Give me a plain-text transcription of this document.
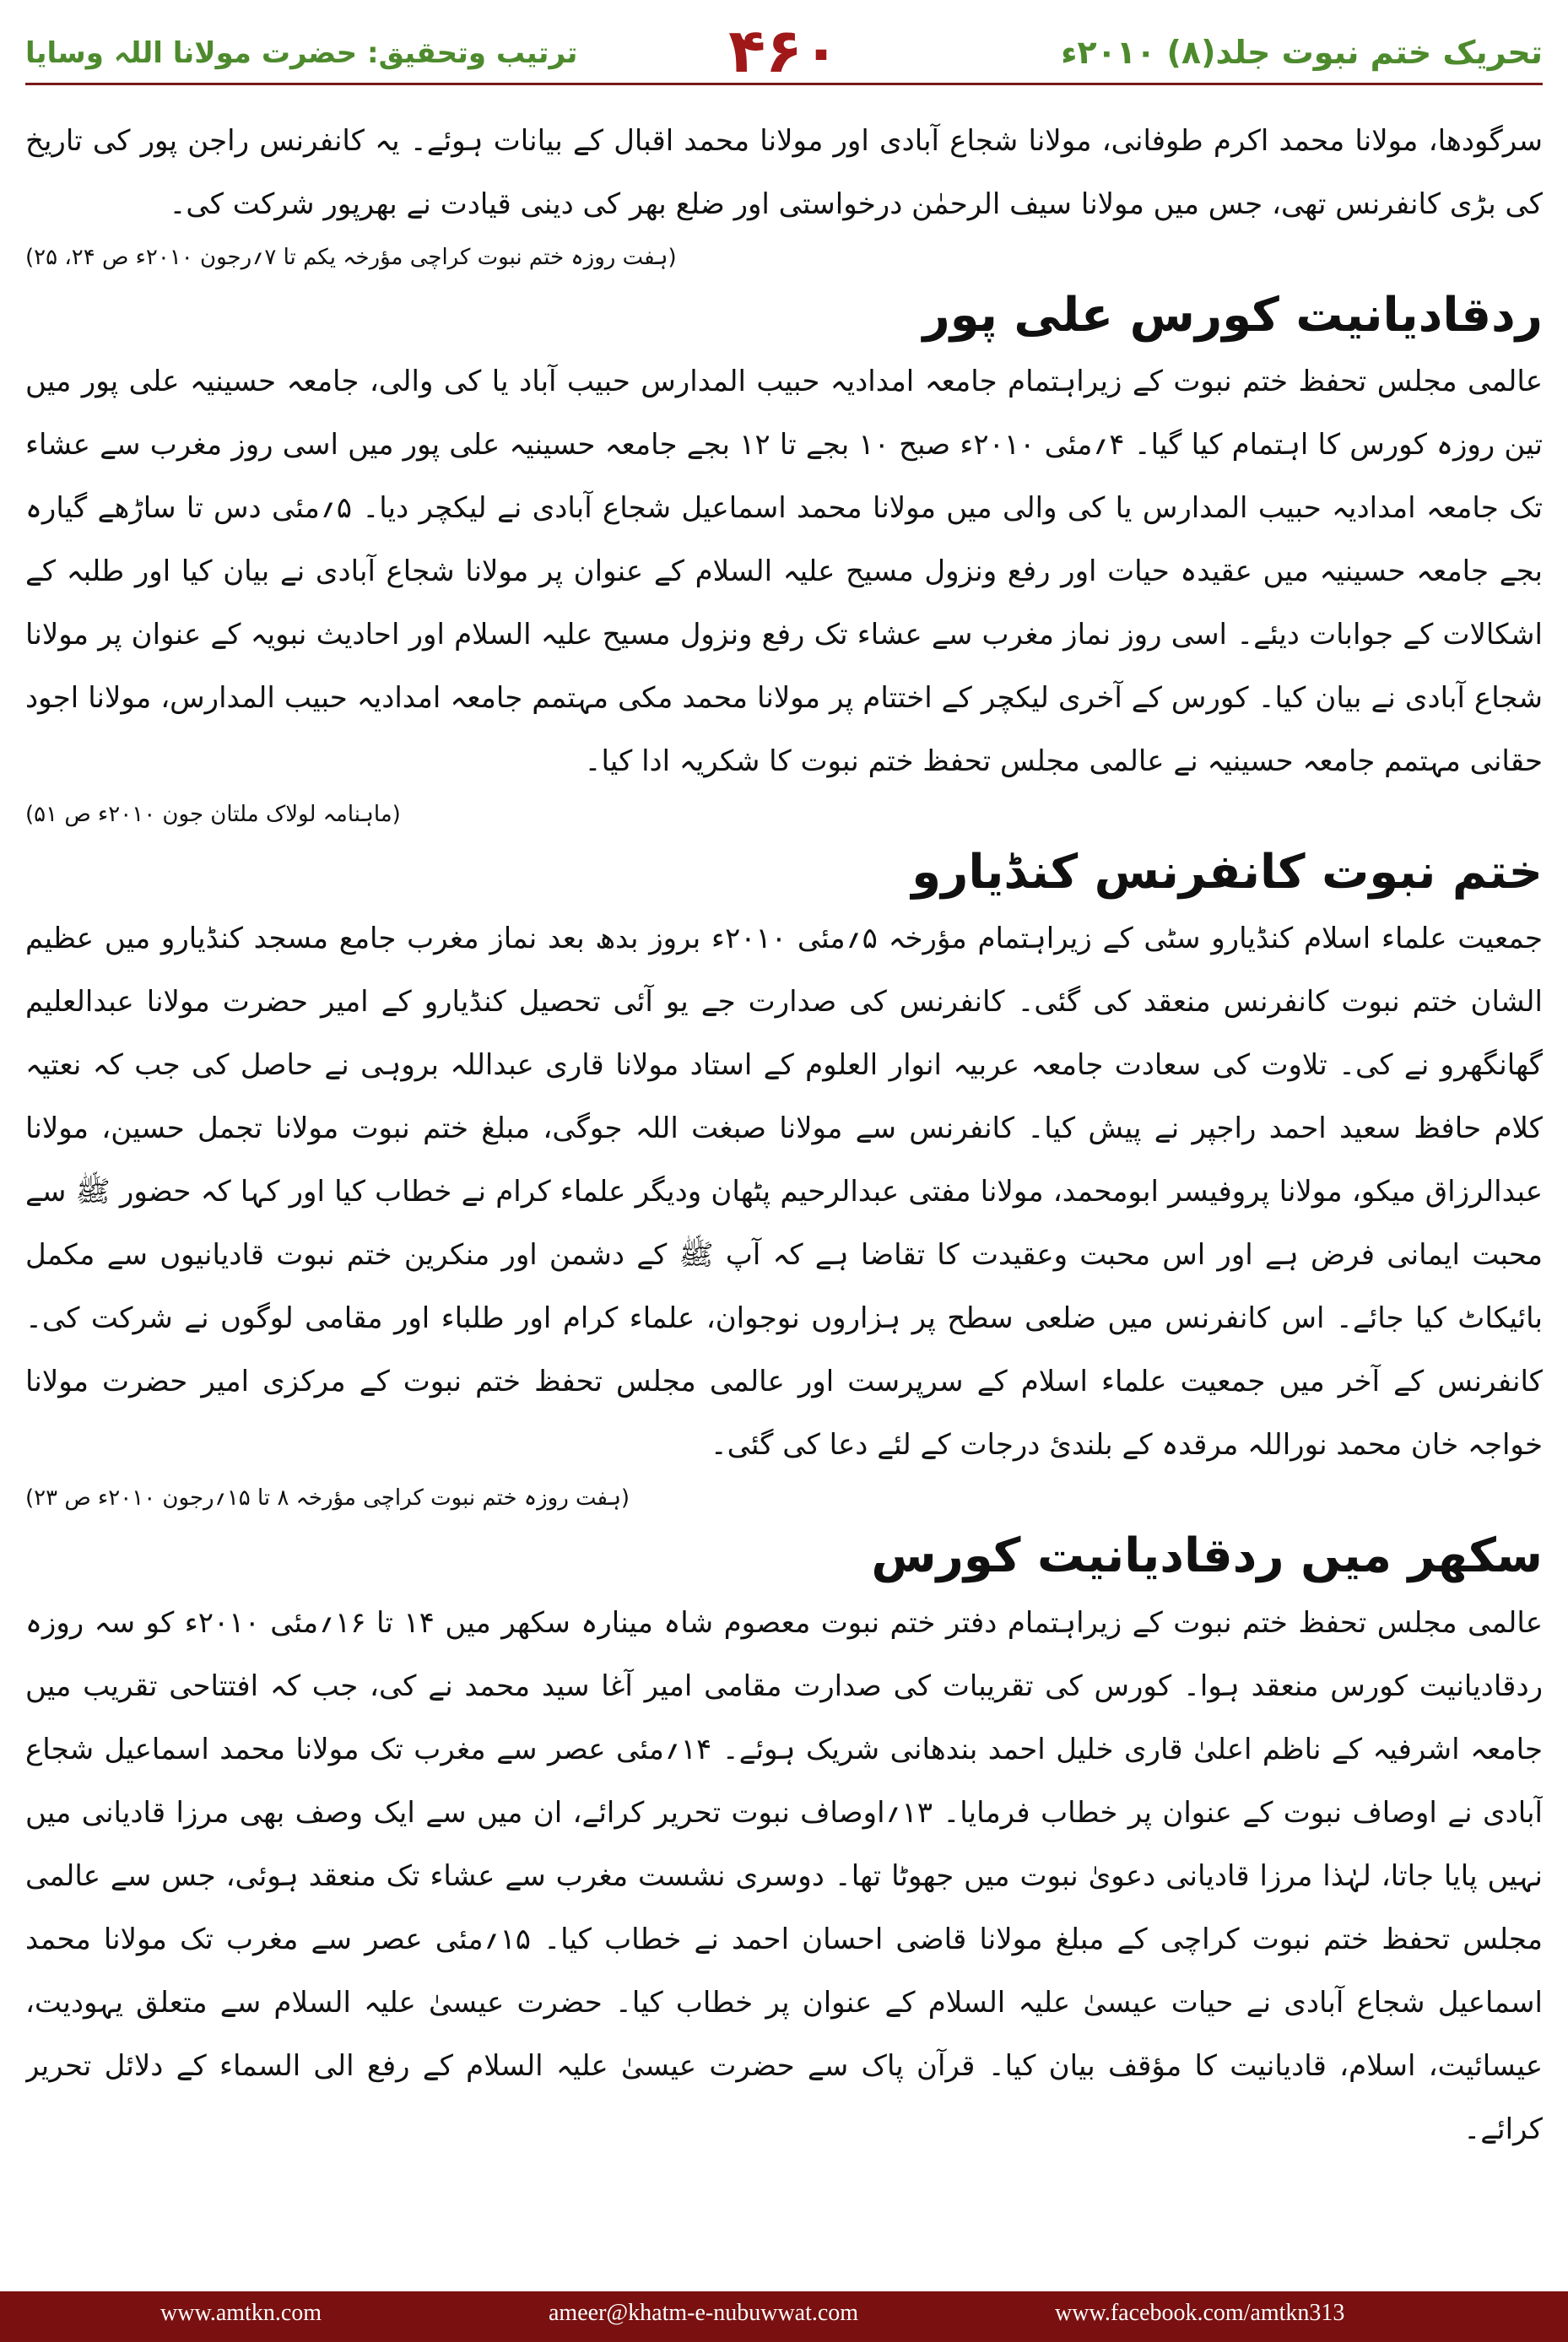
تحریک ختم نبوت جلد(۸) ۲۰۱۰ء
۴۶۰
ترتیب وتحقیق: حضرت مولانا اللہ وسایا

سرگودھا، مولانا محمد اکرم طوفانی، مولانا شجاع آبادی اور مولانا محمد اقبال کے بیانات ہوئے۔ یہ کانفرنس راجن پور کی تاریخ کی بڑی کانفرنس تھی، جس میں مولانا سیف الرحمٰن درخواستی اور ضلع بھر کی دینی قیادت نے بھرپور شرکت کی۔

(ہفت روزہ ختم نبوت کراچی مؤرخہ یکم تا ۷؍رجون ۲۰۱۰ء ص ۲۴، ۲۵)
ردقادیانیت کورس علی پور

عالمی مجلس تحفظ ختم نبوت کے زیراہتمام جامعہ امدادیہ حبیب المدارس حبیب آباد یا کی والی، جامعہ حسینیہ علی پور میں تین روزہ کورس کا اہتمام کیا گیا۔ ۴؍مئی ۲۰۱۰ء صبح ۱۰ بجے تا ۱۲ بجے جامعہ حسینیہ علی پور میں اسی روز مغرب سے عشاء تک جامعہ امدادیہ حبیب المدارس یا کی والی میں مولانا محمد اسماعیل شجاع آبادی نے لیکچر دیا۔ ۵؍مئی دس تا ساڑھے گیارہ بجے جامعہ حسینیہ میں عقیدہ حیات اور رفع ونزول مسیح علیہ السلام کے عنوان پر مولانا شجاع آبادی نے بیان کیا اور طلبہ کے اشکالات کے جوابات دیئے۔ اسی روز نماز مغرب سے عشاء تک رفع ونزول مسیح علیہ السلام اور احادیث نبویہ کے عنوان پر مولانا شجاع آبادی نے بیان کیا۔ کورس کے آخری لیکچر کے اختتام پر مولانا محمد مکی مہتمم جامعہ امدادیہ حبیب المدارس، مولانا اجود حقانی مہتمم جامعہ حسینیہ نے عالمی مجلس تحفظ ختم نبوت کا شکریہ ادا کیا۔

(ماہنامہ لولاک ملتان جون ۲۰۱۰ء ص ۵۱)
ختم نبوت کانفرنس کنڈیارو

جمعیت علماء اسلام کنڈیارو سٹی کے زیراہتمام مؤرخہ ۵؍مئی ۲۰۱۰ء بروز بدھ بعد نماز مغرب جامع مسجد کنڈیارو میں عظیم الشان ختم نبوت کانفرنس منعقد کی گئی۔ کانفرنس کی صدارت جے یو آئی تحصیل کنڈیارو کے امیر حضرت مولانا عبدالعلیم گھانگھرو نے کی۔ تلاوت کی سعادت جامعہ عربیہ انوار العلوم کے استاد مولانا قاری عبداللہ بروہی نے حاصل کی جب کہ نعتیہ کلام حافظ سعید احمد راجپر نے پیش کیا۔ کانفرنس سے مولانا صبغت اللہ جوگی، مبلغ ختم نبوت مولانا تجمل حسین، مولانا عبدالرزاق میکو، مولانا پروفیسر ابومحمد، مولانا مفتی عبدالرحیم پٹھان ودیگر علماء کرام نے خطاب کیا اور کہا کہ حضور ﷺ سے محبت ایمانی فرض ہے اور اس محبت وعقیدت کا تقاضا ہے کہ آپ ﷺ کے دشمن اور منکرین ختم نبوت قادیانیوں سے مکمل بائیکاٹ کیا جائے۔ اس کانفرنس میں ضلعی سطح پر ہزاروں نوجوان، علماء کرام اور طلباء اور مقامی لوگوں نے شرکت کی۔ کانفرنس کے آخر میں جمعیت علماء اسلام کے سرپرست اور عالمی مجلس تحفظ ختم نبوت کے مرکزی امیر حضرت مولانا خواجہ خان محمد نوراللہ مرقدہ کے بلندیٔ درجات کے لئے دعا کی گئی۔

(ہفت روزہ ختم نبوت کراچی مؤرخہ ۸ تا ۱۵؍رجون ۲۰۱۰ء ص ۲۳)
سکھر میں ردقادیانیت کورس

عالمی مجلس تحفظ ختم نبوت کے زیراہتمام دفتر ختم نبوت معصوم شاہ مینارہ سکھر میں ۱۴ تا ۱۶؍مئی ۲۰۱۰ء کو سہ روزہ ردقادیانیت کورس منعقد ہوا۔ کورس کی تقریبات کی صدارت مقامی امیر آغا سید محمد نے کی، جب کہ افتتاحی تقریب میں جامعہ اشرفیہ کے ناظم اعلیٰ قاری خلیل احمد بندھانی شریک ہوئے۔ ۱۴؍مئی عصر سے مغرب تک مولانا محمد اسماعیل شجاع آبادی نے اوصاف نبوت کے عنوان پر خطاب فرمایا۔ ۱۳؍اوصاف نبوت تحریر کرائے، ان میں سے ایک وصف بھی مرزا قادیانی میں نہیں پایا جاتا، لہٰذا مرزا قادیانی دعویٰ نبوت میں جھوٹا تھا۔ دوسری نشست مغرب سے عشاء تک منعقد ہوئی، جس سے عالمی مجلس تحفظ ختم نبوت کراچی کے مبلغ مولانا قاضی احسان احمد نے خطاب کیا۔ ۱۵؍مئی عصر سے مغرب تک مولانا محمد اسماعیل شجاع آبادی نے حیات عیسیٰ علیہ السلام کے عنوان پر خطاب کیا۔ حضرت عیسیٰ علیہ السلام سے متعلق یہودیت، عیسائیت، اسلام، قادیانیت کا مؤقف بیان کیا۔ قرآن پاک سے حضرت عیسیٰ علیہ السلام کے رفع الی السماء کے دلائل تحریر کرائے۔

www.amtkn.com	ameer@khatm-e-nubuwwat.com	www.facebook.com/amtkn313
